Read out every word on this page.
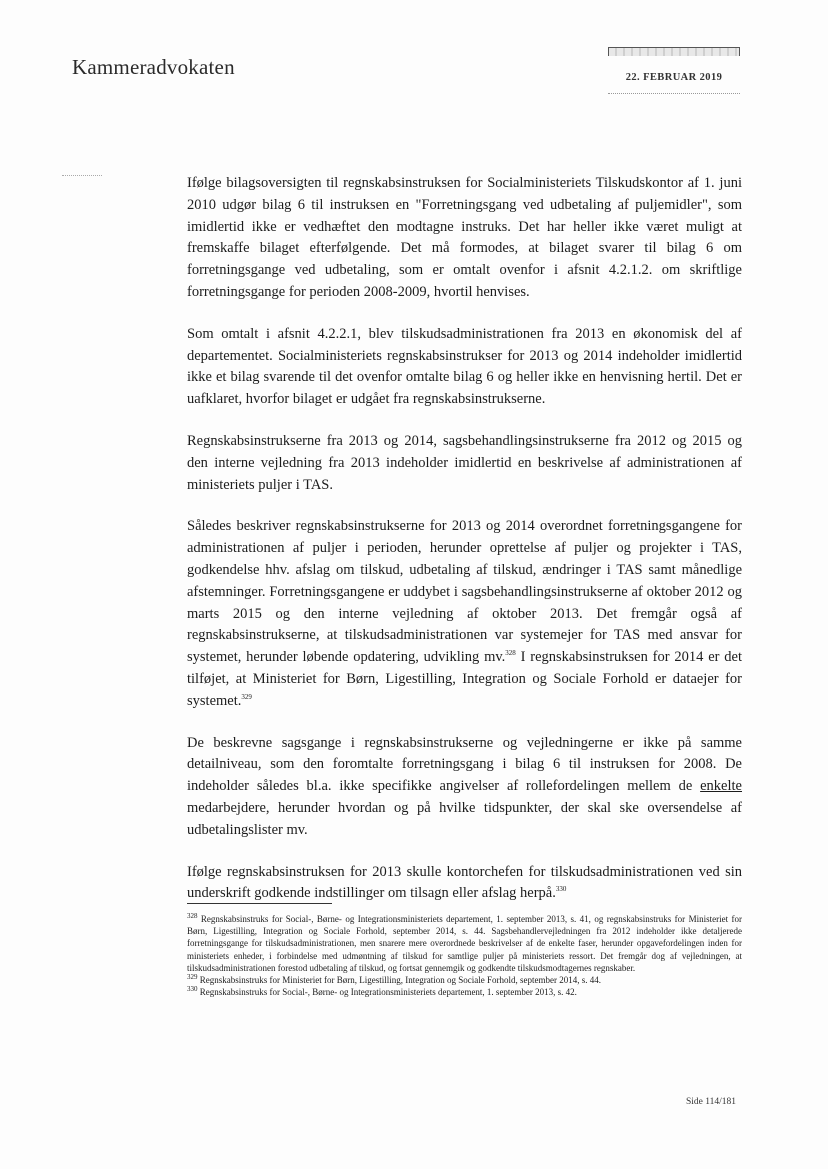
Kammeradvokaten	22. FEBRUAR 2019

Ifølge bilagsoversigten til regnskabsinstruksen for Socialministeriets Tilskudskontor af 1. juni 2010 udgør bilag 6 til instruksen en "Forretningsgang ved udbetaling af puljemidler", som imidlertid ikke er vedhæftet den modtagne instruks. Det har heller ikke været muligt at fremskaffe bilaget efterfølgende. Det må formodes, at bilaget svarer til bilag 6 om forretningsgange ved udbetaling, som er omtalt ovenfor i afsnit 4.2.1.2. om skriftlige forretningsgange for perioden 2008-2009, hvortil henvises.

Som omtalt i afsnit 4.2.2.1, blev tilskudsadministrationen fra 2013 en økonomisk del af departementet. Socialministeriets regnskabsinstrukser for 2013 og 2014 indeholder imidlertid ikke et bilag svarende til det ovenfor omtalte bilag 6 og heller ikke en henvisning hertil. Det er uafklaret, hvorfor bilaget er udgået fra regnskabsinstrukserne.

Regnskabsinstrukserne fra 2013 og 2014, sagsbehandlingsinstrukserne fra 2012 og 2015 og den interne vejledning fra 2013 indeholder imidlertid en beskrivelse af administrationen af ministeriets puljer i TAS.

Således beskriver regnskabsinstrukserne for 2013 og 2014 overordnet forretningsgangene for administrationen af puljer i perioden, herunder oprettelse af puljer og projekter i TAS, godkendelse hhv. afslag om tilskud, udbetaling af tilskud, ændringer i TAS samt månedlige afstemninger. Forretningsgangene er uddybet i sagsbehandlingsinstrukserne af oktober 2012 og marts 2015 og den interne vejledning af oktober 2013. Det fremgår også af regnskabsinstrukserne, at tilskudsadministrationen var systemejer for TAS med ansvar for systemet, herunder løbende opdatering, udvikling mv.$^{328}$ I regnskabsinstruksen for 2014 er det tilføjet, at Ministeriet for Børn, Ligestilling, Integration og Sociale Forhold er dataejer for systemet.$^{329}$

De beskrevne sagsgange i regnskabsinstrukserne og vejledningerne er ikke på samme detailniveau, som den foromtalte forretningsgang i bilag 6 til instruksen for 2008. De indeholder således bl.a. ikke specifikke angivelser af rollefordelingen mellem de enkelte medarbejdere, herunder hvordan og på hvilke tidspunkter, der skal ske oversendelse af udbetalingslister mv.

Ifølge regnskabsinstruksen for 2013 skulle kontorchefen for tilskudsadministrationen ved sin underskrift godkende indstillinger om tilsagn eller afslag herpå.$^{330}$

$^{328}$ Regnskabsinstruks for Social-, Børne- og Integrationsministeriets departement, 1. september 2013, s. 41, og regnskabsinstruks for Ministeriet for Børn, Ligestilling, Integration og Sociale Forhold, september 2014, s. 44. Sagsbehandlervejledningen fra 2012 indeholder ikke detaljerede forretningsgange for tilskudsadministrationen, men snarere mere overordnede beskrivelser af de enkelte faser, herunder opgavefordelingen inden for ministeriets enheder, i forbindelse med udmøntning af tilskud for samtlige puljer på ministeriets ressort. Det fremgår dog af vejledningen, at tilskudsadministrationen forestod udbetaling af tilskud, og fortsat gennemgik og godkendte tilskudsmodtagernes regnskaber.

$^{329}$ Regnskabsinstruks for Ministeriet for Børn, Ligestilling, Integration og Sociale Forhold, september 2014, s. 44.

$^{330}$ Regnskabsinstruks for Social-, Børne- og Integrationsministeriets departement, 1. september 2013, s. 42.

Side 114/181
